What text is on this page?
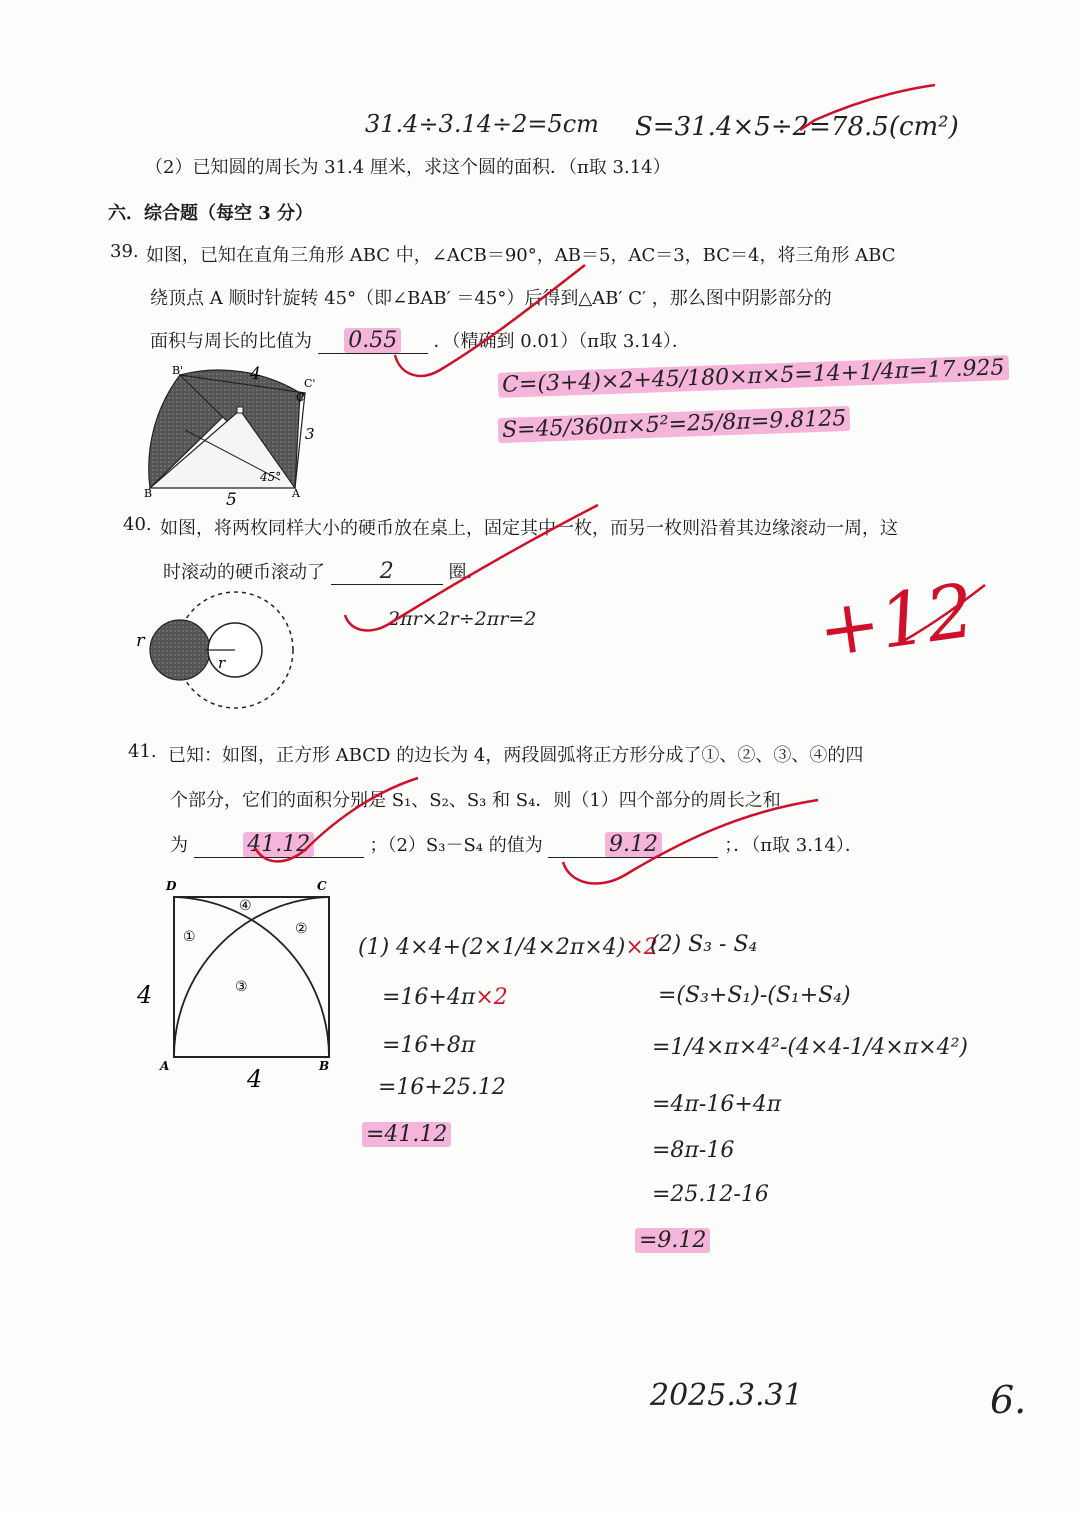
31.4÷3.14÷2=5cm S=31.4×5÷2=78.5(cm²)
（2）已知圆的周长为 31.4 厘米，求这个圆的面积．（π取 3.14）
六．综合题（每空 3 分）
39. 如图，已知在直角三角形 ABC 中，∠ACB＝90°，AB＝5，AC＝3，BC＝4，将三角形 ABC
绕顶点 A 顺时针旋转 45°（即∠BAB′ ＝45°）后得到△AB′ C′ ，那么图中阴影部分的
面积与周长的比值为 0.55 ．（精确到 0.01）（π取 3.14）．
C=(3+4)×2+45/180×π×5=14+1/4π=17.925
S=45/360π×5²=25/8π=9.8125
B'
C'
C
B	A
4
3
5
45°
40. 如图，将两枚同样大小的硬币放在桌上，固定其中一枚，而另一枚则沿着其边缘滚动一周，这
时滚动的硬币滚动了 2	圈．
2πr×2r÷2πr=2
r
r	+12
41. 已知：如图，正方形 ABCD 的边长为 4，两段圆弧将正方形分成了①、②、③、④的四
个部分，它们的面积分别是 S₁、S₂、S₃ 和 S₄．则（1）四个部分的周长之和
为	41.12	；（2）S₃－S₄ 的值为	9.12	；．（π取 3.14）．
D	C
A	B
①	②
③
④
4
4
(1) 4×4+(2×1/4×2π×4)×2
=16+4π×2
=16+8π
=16+25.12
=41.12
(2) S₃ - S₄
=(S₃+S₁)-(S₁+S₄)
=1/4×π×4²-(4×4-1/4×π×4²)
=4π-16+4π
=8π-16
=25.12-16
=9.12
2025.3.31	6.
